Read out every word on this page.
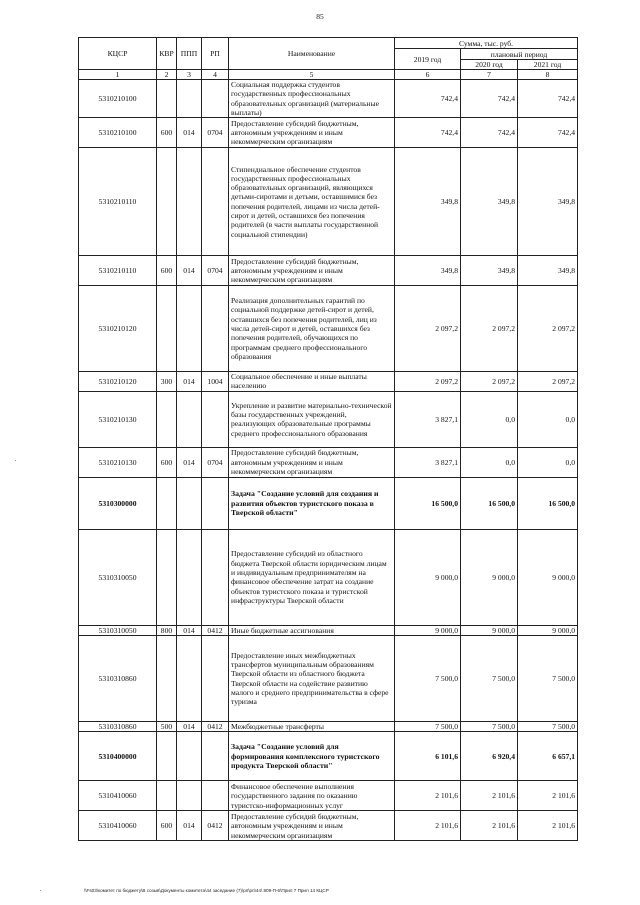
85
КЦСР	КВР	ППП	РП	Наименование	Сумма, тыс. руб.		
					2019 год	плановый период	
						2020 год	2021 год
1	2	3	4	5	6	7	8
5310210100				Социальная поддержка студентов государственных профессиональных образовательных организаций (материальные выплаты)	742,4	742,4	742,4
5310210100	600	014	0704	Предоставление субсидий бюджетным, автономным учреждениям и иным некоммерческим организациям	742,4	742,4	742,4
5310210110				Стипендиальное обеспечение студентов государственных профессиональных образовательных организаций, являющихся детьми-сиротами и детьми, оставшимися без попечения родителей, лицами из числа детей-сирот и детей, оставшихся без попечения родителей (в части выплаты государственной социальной стипендии)	349,8	349,8	349,8
5310210110	600	014	0704	Предоставление субсидий бюджетным, автономным учреждениям и иным некоммерческим организациям	349,8	349,8	349,8
5310210120				Реализация дополнительных гарантий по социальной поддержке детей-сирот и детей, оставшихся без попечения родителей, лиц из числа детей-сирот и детей, оставшихся без попечения родителей, обучающихся по программам среднего профессионального образования	2 097,2	2 097,2	2 097,2
5310210120	300	014	1004	Социальное обеспечение и иные выплаты населению	2 097,2	2 097,2	2 097,2
5310210130				Укрепление и развитие материально-технической базы государственных учреждений, реализующих образовательные программы среднего профессионального образования	3 827,1	0,0	0,0
5310210130	600	014	0704	Предоставление субсидий бюджетным, автономным учреждениям и иным некоммерческим организациям	3 827,1	0,0	0,0
5310300000				Задача "Создание условий для создания и развития объектов туристского показа в Тверской области"	16 500,0	16 500,0	16 500,0
5310310050				Предоставление субсидий из областного бюджета Тверской области юридическим лицам и индивидуальным предпринимателям на финансовое обеспечение затрат на создание объектов туристского показа и туристской инфраструктуры Тверской области	9 000,0	9 000,0	9 000,0
5310310050	800	014	0412	Иные бюджетные ассигнования	9 000,0	9 000,0	9 000,0
5310310860				Предоставление иных межбюджетных трансфертов муниципальным образованиям Тверской области из областного бюджета Тверской области на содействие развитию малого и среднего предпринимательства в сфере туризма	7 500,0	7 500,0	7 500,0
5310310860	500	014	0412	Межбюджетные трансферты	7 500,0	7 500,0	7 500,0
5310400000				Задача "Создание условий для формирования комплексного туристского продукта Тверской области"	6 101,6	6 920,4	6 657,1
5310410060				Финансовое обеспечение выполнения государственного задания по оказанию туристско-информационных услуг	2 101,6	2 101,6	2 101,6
5310410060	600	014	0412	Предоставление субсидий бюджетным, автономным учреждениям и иным некоммерческим организациям	2 101,6	2 101,6	2 101,6
\\Fs03\комитет по бюджету\В созыв\Документы комитета\44 заседание (7)\рп\рп\44\ 809-П-6\Прил 7 Прил 14 КЦСР
